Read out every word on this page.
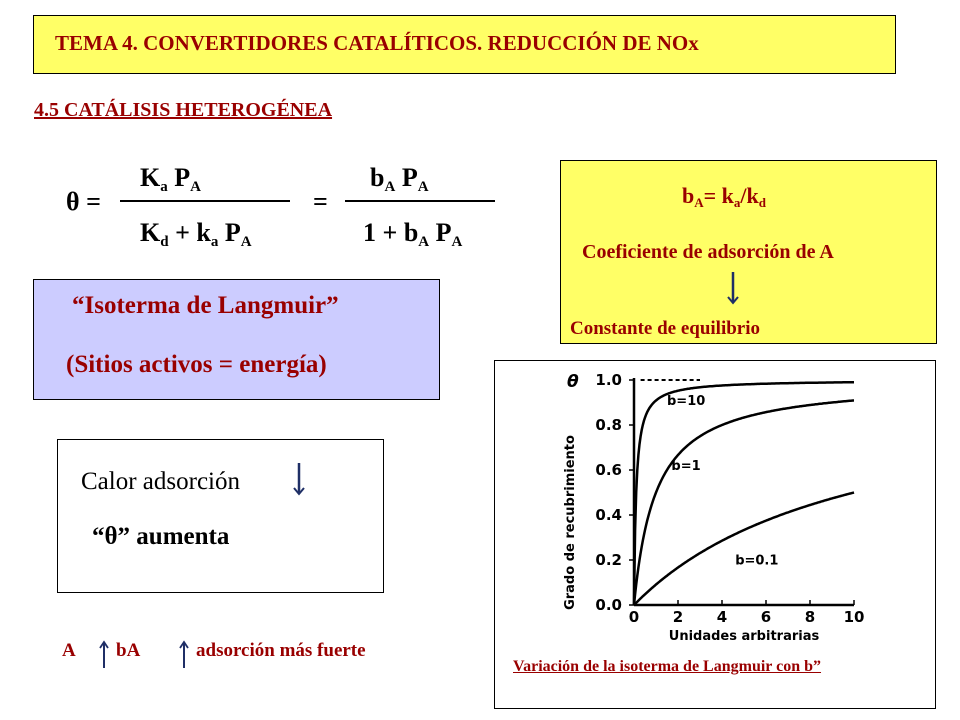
TEMA 4. CONVERTIDORES CATALÍTICOS. REDUCCIÓN DE NOx
4.5 CATÁLISIS HETEROGÉNEA
θ =
$K_a$ $P_A$
$K_d + k_a$ $P_A$
=
$b_A$ $P_A$
$1 + b_A$ $P_A$
“Isoterma de Langmuir”
(Sitios activos = energía)
$b_A= k_a/k_d$
Coeficiente de adsorción de A
Constante de equilibrio
Calor adsorción
“θ” aumenta
A bA	adsorción más fuerte
0.0
0.2
0.4
0.6
0.8
1.0
0 2 4 6 8 10
b=10
b=1
b=0.1
Unidades arbitrarias
Grado de recubrimiento
θ
Variación de la isoterma de Langmuir con b”
